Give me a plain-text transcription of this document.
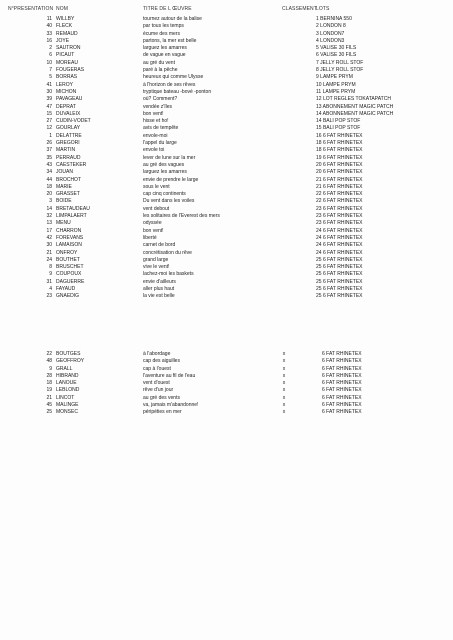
N°PRESENTATION NOM	TITRE DE L ŒUVRE	CLASSEMENT LOTS
11 WILLBY	tournez autour de la balise	1 BERNINA 550
40 FLECK	par tous les temps	2 LONDON 8
33 REMAUD	écume des mers	3 LONDON7
16 JOYE	partons, la mer est belle	4 LONDON3
2 SAUTRON	larguez les amarres	5 VALISE 30 FILS
6 PICAUT	de vague en vague	6 VALISE 30 FILS
10 MOREAU	au gré du vent	7 JELLY ROLL STOF
7 FOUGERAS	paré à la pêche	8 JELLY ROLL STOF
5 BORRAS	heureux qui comme Ulysse	9 LAMPE PRYM
41 LEROY	à l'horizon de ses rêves	10 LAMPE PRYM
30 MICHON	tryptique bateau -bové -ponton	11 LAMPE PRYM
39 PAVAGEAU	où? Comment?	12 LOT REGLES TOKATAPATCH
47 DEPRAT	vendée z'îles	13 ABONNEMENT MAGIC PATCH
15 DUVALEIX	bon vent!	14 ABONNEMENT MAGIC PATCH
27 CUDIN-VODET	hisse et ho!	14 BALI POP STOF
12 GOURLAY	avis de tempête	15 BALI POP STOF
1 DELATTRE	envole-moi	16 6 FAT RHINETEX
26 GREGORI	l'appel du large	18 6 FAT RHINETEX
37 MARTIN	envole toi	18 6 FAT RHINETEX
35 PERRAUD	lever de lune sur la mer	19 6 FAT RHINETEX
43 CAESTEKER	au gré des vagues	20 6 FAT RHINETEX
34 JOUAN	larguez les amarres	20 6 FAT RHINETEX
44 BROCHOT	envie de prendre le large	21 6 FAT RHINETEX
18 MARIE	sous le vent	21 6 FAT RHINETEX
20 GRASSET	cap cinq continents	22 6 FAT RHINETEX
3 BOIDE	Du vent dans les voiles	22 6 FAT RHINETEX
14 BRETAUDEAU	vent debout	23 6 FAT RHINETEX
32 LIMPALAERT	les solitaires de l'Everest des mers	23 6 FAT RHINETEX
13 MENU	odyssée	23 6 FAT RHINETEX
17 CHARRON	bon vent!	24 6 FAT RHINETEX
42 FOREVANS	liberté	24 6 FAT RHINETEX
30 LAMAISON	carnet de bord	24 6 FAT RHINETEX
21 ONFROY	concrétisation du rêve	24 6 FAT RHINETEX
24 BOUTHET	grand large	25 6 FAT RHINETEX
8 BRUSCHET	vive le vent!	25 6 FAT RHINETEX
9 COUPOUX	lachez-moi les baskets	25 6 FAT RHINETEX
31 DAGUERRE	envie d'ailleurs	25 6 FAT RHINETEX
4 FAYAUD	aller plus haut	25 6 FAT RHINETEX
23 GNAEDIG	la vie est belle	25 6 FAT RHINETEX
22 BOUTGES	à l'abordage	x	6 FAT RHINETEX
48 GEOFFROY	cap des aiguilles	x	6 FAT RHINETEX
9 GRALL	cap à l'ouest	x	6 FAT RHINETEX
28 HIBRAND	l'aventure au fil de l'eau	x	6 FAT RHINETEX
18 LANOUE	vent d'ouest	x	6 FAT RHINETEX
19 LEBLOND	rêve d'un jour	x	6 FAT RHINETEX
21 LINCOT	au gré des vents	x	6 FAT RHINETEX
45 MALINGE	va, jamais m'abandonne!	x	6 FAT RHINETEX
25 MONSEC	péripéties en mer	x	6 FAT RHINETEX
